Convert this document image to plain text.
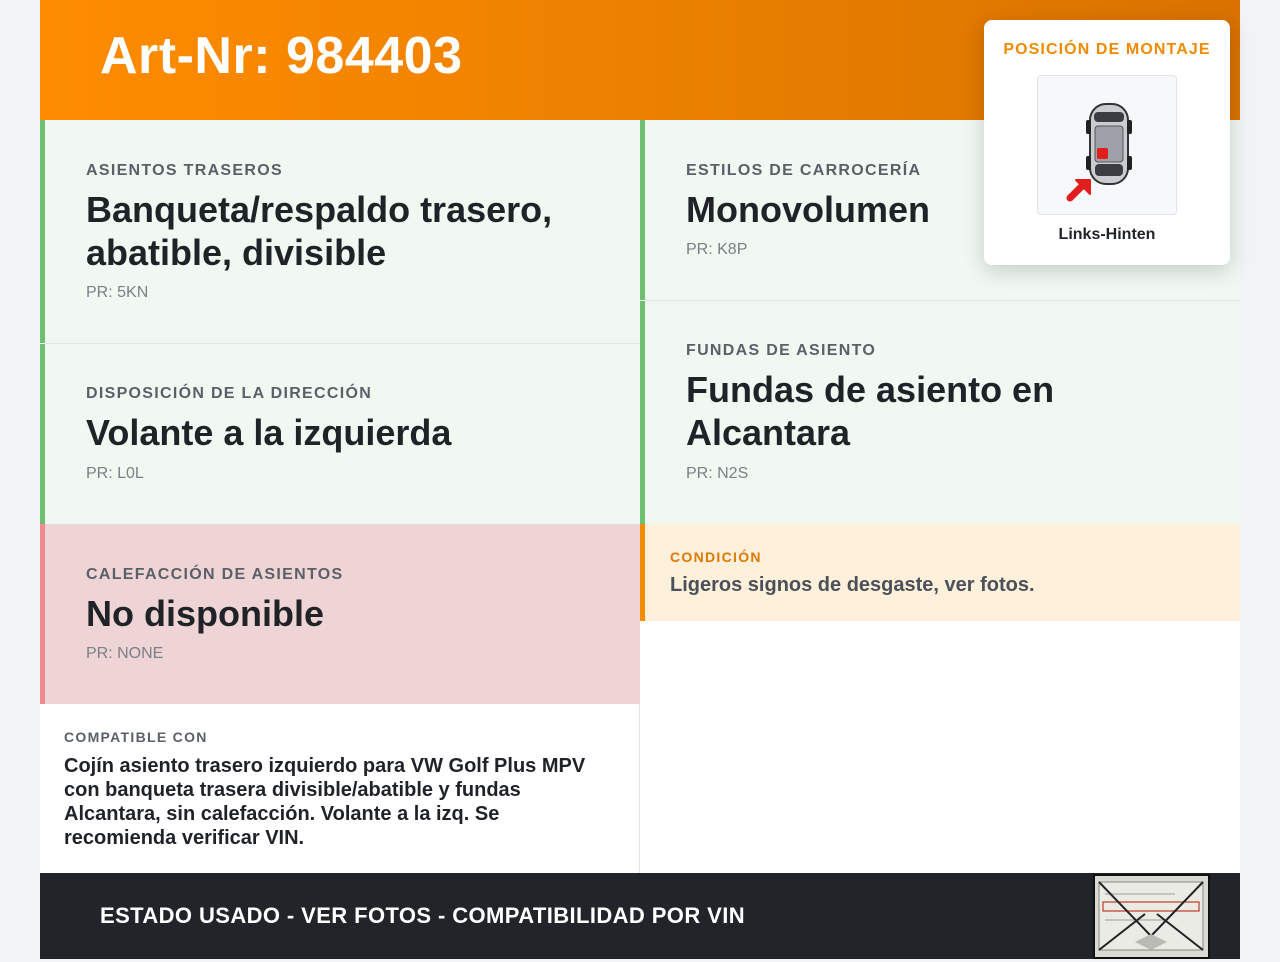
Art-Nr: 984403
ASIENTOS TRASEROS
Banqueta/respaldo trasero, abatible, divisible
PR: 5KN
ESTILOS DE CARROCERÍA
Monovolumen
PR: K8P
DISPOSICIÓN DE LA DIRECCIÓN
Volante a la izquierda
PR: L0L
FUNDAS DE ASIENTO
Fundas de asiento en Alcantara
PR: N2S
CALEFACCIÓN DE ASIENTOS
No disponible
PR: NONE
CONDICIÓN
Ligeros signos de desgaste, ver fotos.
COMPATIBLE CON
Cojín asiento trasero izquierdo para VW Golf Plus MPV con banqueta trasera divisible/abatible y fundas Alcantara, sin calefacción. Volante a la izq. Se recomienda verificar VIN.
ESTADO USADO - VER FOTOS - COMPATIBILIDAD POR VIN
POSICIÓN DE MONTAJE
Links-Hinten
